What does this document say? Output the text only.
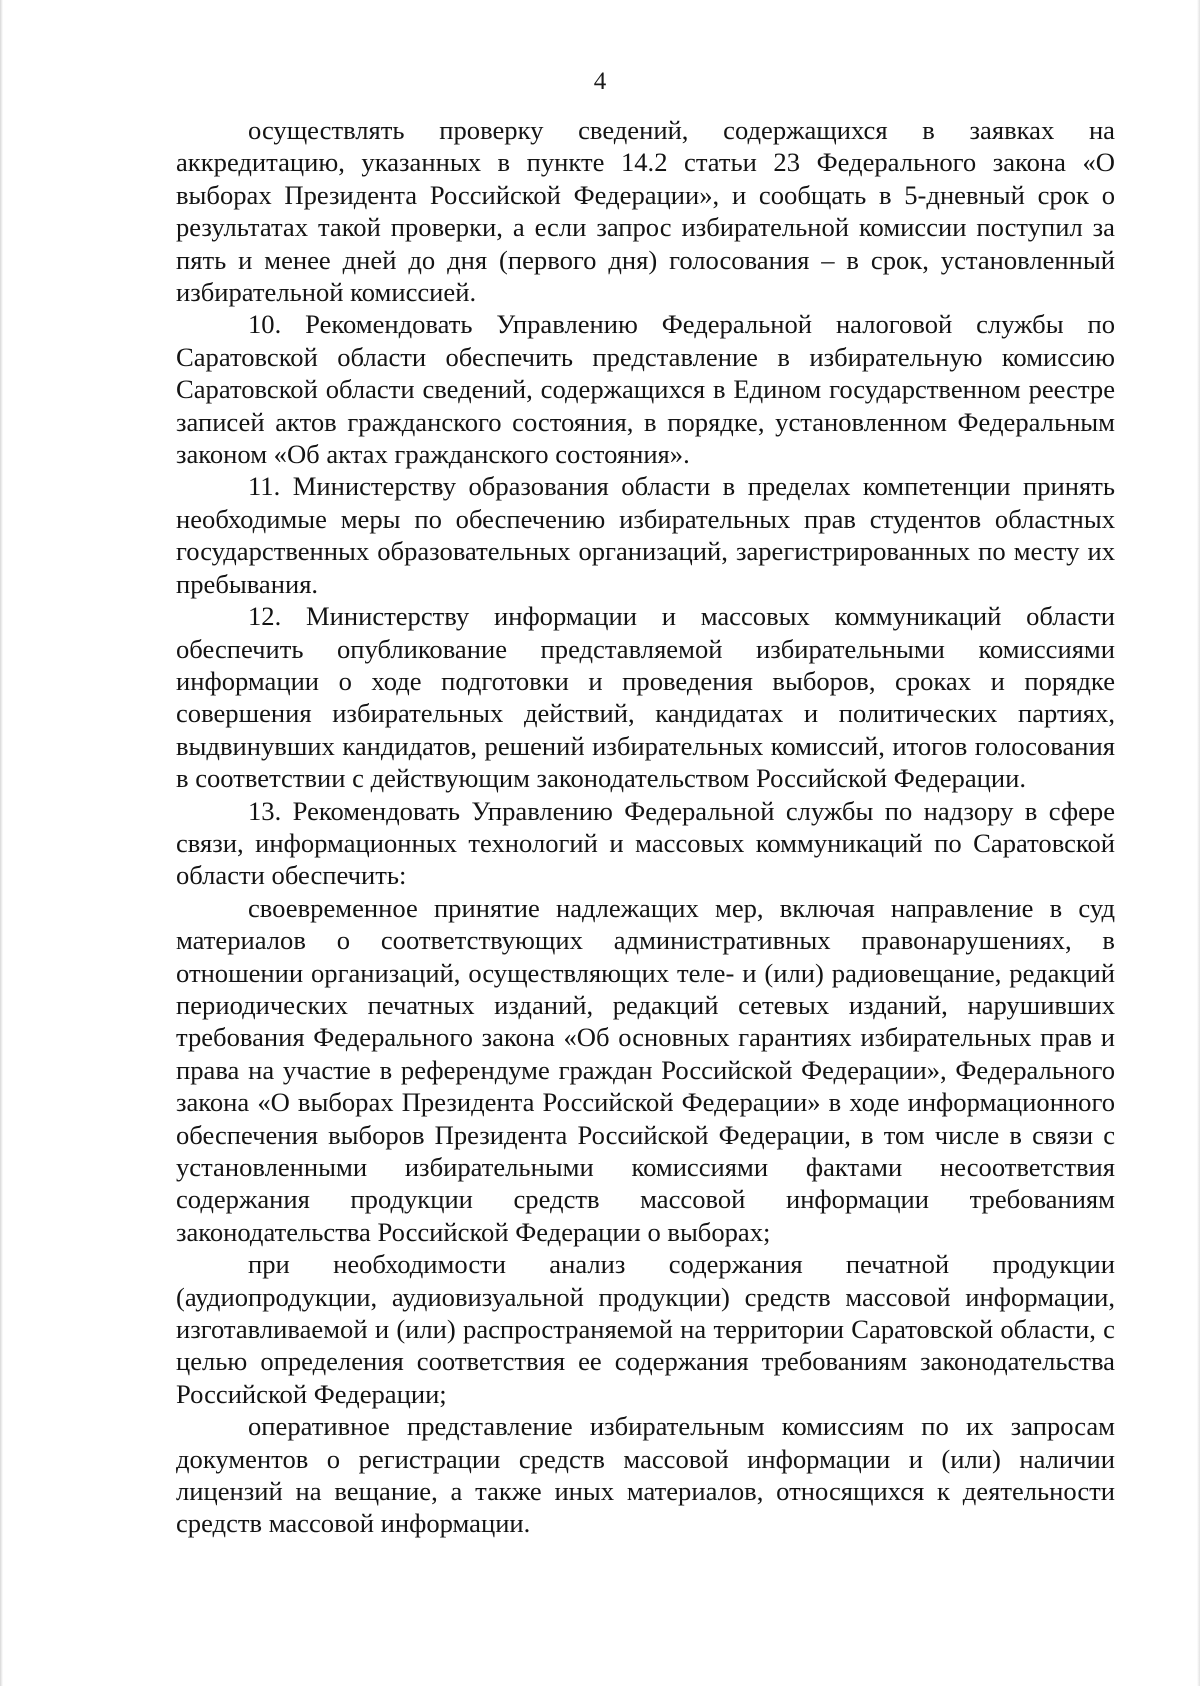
4

осуществлять проверку сведений, содержащихся в заявках на аккредитацию, указанных в пункте 14.2 статьи 23 Федерального закона «О выборах Президента Российской Федерации», и сообщать в 5-дневный срок о результатах такой проверки, а если запрос избирательной комиссии поступил за пять и менее дней до дня (первого дня) голосования – в срок, установленный избирательной комиссией.

10. Рекомендовать Управлению Федеральной налоговой службы по Саратовской области обеспечить представление в избирательную комиссию Саратовской области сведений, содержащихся в Едином государственном реестре записей актов гражданского состояния, в порядке, установленном Федеральным законом «Об актах гражданского состояния».

11. Министерству образования области в пределах компетенции принять необходимые меры по обеспечению избирательных прав студентов областных государственных образовательных организаций, зарегистрированных по месту их пребывания.

12. Министерству информации и массовых коммуникаций области обеспечить опубликование представляемой избирательными комиссиями информации о ходе подготовки и проведения выборов, сроках и порядке совершения избирательных действий, кандидатах и политических партиях, выдвинувших кандидатов, решений избирательных комиссий, итогов голосования в соответствии с действующим законодательством Российской Федерации.

13. Рекомендовать Управлению Федеральной службы по надзору в сфере связи, информационных технологий и массовых коммуникаций по Саратовской области обеспечить:

своевременное принятие надлежащих мер, включая направление в суд материалов о соответствующих административных правонарушениях, в отношении организаций, осуществляющих теле- и (или) радиовещание, редакций периодических печатных изданий, редакций сетевых изданий, нарушивших требования Федерального закона «Об основных гарантиях избирательных прав и права на участие в референдуме граждан Российской Федерации», Федерального закона «О выборах Президента Российской Федерации» в ходе информационного обеспечения выборов Президента Российской Федерации, в том числе в связи с установленными избирательными комиссиями фактами несоответствия содержания продукции средств массовой информации требованиям законодательства Российской Федерации о выборах;

при необходимости анализ содержания печатной продукции (аудиопродукции, аудиовизуальной продукции) средств массовой информации, изготавливаемой и (или) распространяемой на территории Саратовской области, с целью определения соответствия ее содержания требованиям законодательства Российской Федерации;

оперативное представление избирательным комиссиям по их запросам документов о регистрации средств массовой информации и (или) наличии лицензий на вещание, а также иных материалов, относящихся к деятельности средств массовой информации.
